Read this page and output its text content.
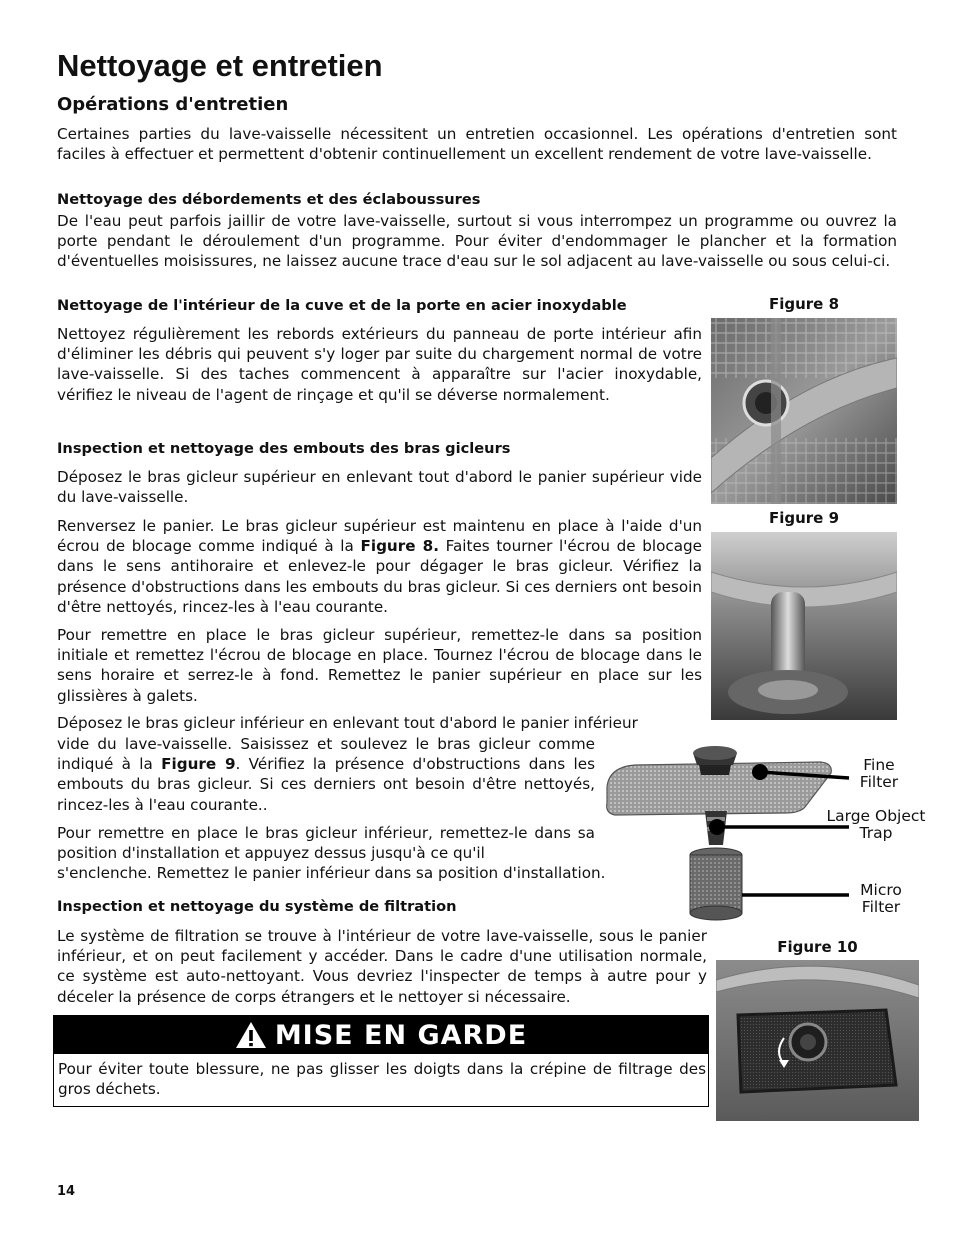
Nettoyage et entretien
Opérations d'entretien

Certaines parties du lave-vaisselle nécessitent un entretien occasionnel. Les opérations d'entretien sont faciles à effectuer et permettent d'obtenir continuellement un excellent rendement de votre lave-vaisselle.

Nettoyage des débordements et des éclaboussures

De l'eau peut parfois jaillir de votre lave-vaisselle, surtout si vous interrompez un programme ou ouvrez la porte pendant le déroulement d'un programme. Pour éviter d'endommager le plancher et la formation d'éventuelles moisissures, ne laissez aucune trace d'eau sur le sol adjacent au lave-vaisselle ou sous celui-ci.

Nettoyage de l'intérieur de la cuve et de la porte en acier inoxydable

Nettoyez régulièrement les rebords extérieurs du panneau de porte intérieur afin d'éliminer les débris qui peuvent s'y loger par suite du chargement normal de votre lave-vaisselle. Si des taches commencent à apparaître sur l'acier inoxydable, vérifiez le niveau de l'agent de rinçage et qu'il se déverse normalement.

Inspection et nettoyage des embouts des bras gicleurs

Déposez le bras gicleur supérieur en enlevant tout d'abord le panier supérieur vide du lave-vaisselle.

Renversez le panier. Le bras gicleur supérieur est maintenu en place à l'aide d'un écrou de blocage comme indiqué à la Figure 8. Faites tourner l'écrou de blocage dans le sens antihoraire et enlevez-le pour dégager le bras gicleur. Vérifiez la présence d'obstructions dans les embouts du bras gicleur. Si ces derniers ont besoin d'être nettoyés, rincez-les à l'eau courante.

Pour remettre en place le bras gicleur supérieur, remettez-le dans sa position initiale et remettez l'écrou de blocage en place. Tournez l'écrou de blocage dans le sens horaire et serrez-le à fond. Remettez le panier supérieur en place sur les glissières à galets.

Déposez le bras gicleur inférieur en enlevant tout d'abord le panier inférieur

vide du lave-vaisselle. Saisissez et soulevez le bras gicleur comme indiqué à la Figure 9. Vérifiez la présence d'obstructions dans les embouts du bras gicleur. Si ces derniers ont besoin d'être nettoyés, rincez-les à l'eau courante..

Pour remettre en place le bras gicleur inférieur, remettez-le dans sa position d'installation et appuyez dessus jusqu'à ce qu'il

s'enclenche. Remettez le panier inférieur dans sa position d'installation.

Inspection et nettoyage du système de filtration

Le système de filtration se trouve à l'intérieur de votre lave-vaisselle, sous le panier inférieur, et on peut facilement y accéder. Dans le cadre d'une utilisation normale, ce système est auto-nettoyant. Vous devriez l'inspecter de temps à autre pour y déceler la présence de corps étrangers et le nettoyer si nécessaire.

MISE EN GARDE

Pour éviter toute blessure, ne pas glisser les doigts dans la crépine de filtrage des gros déchets.

Figure 8
Figure 9
Fine Filter
Large Object Trap
Micro Filter
Figure 10
14
